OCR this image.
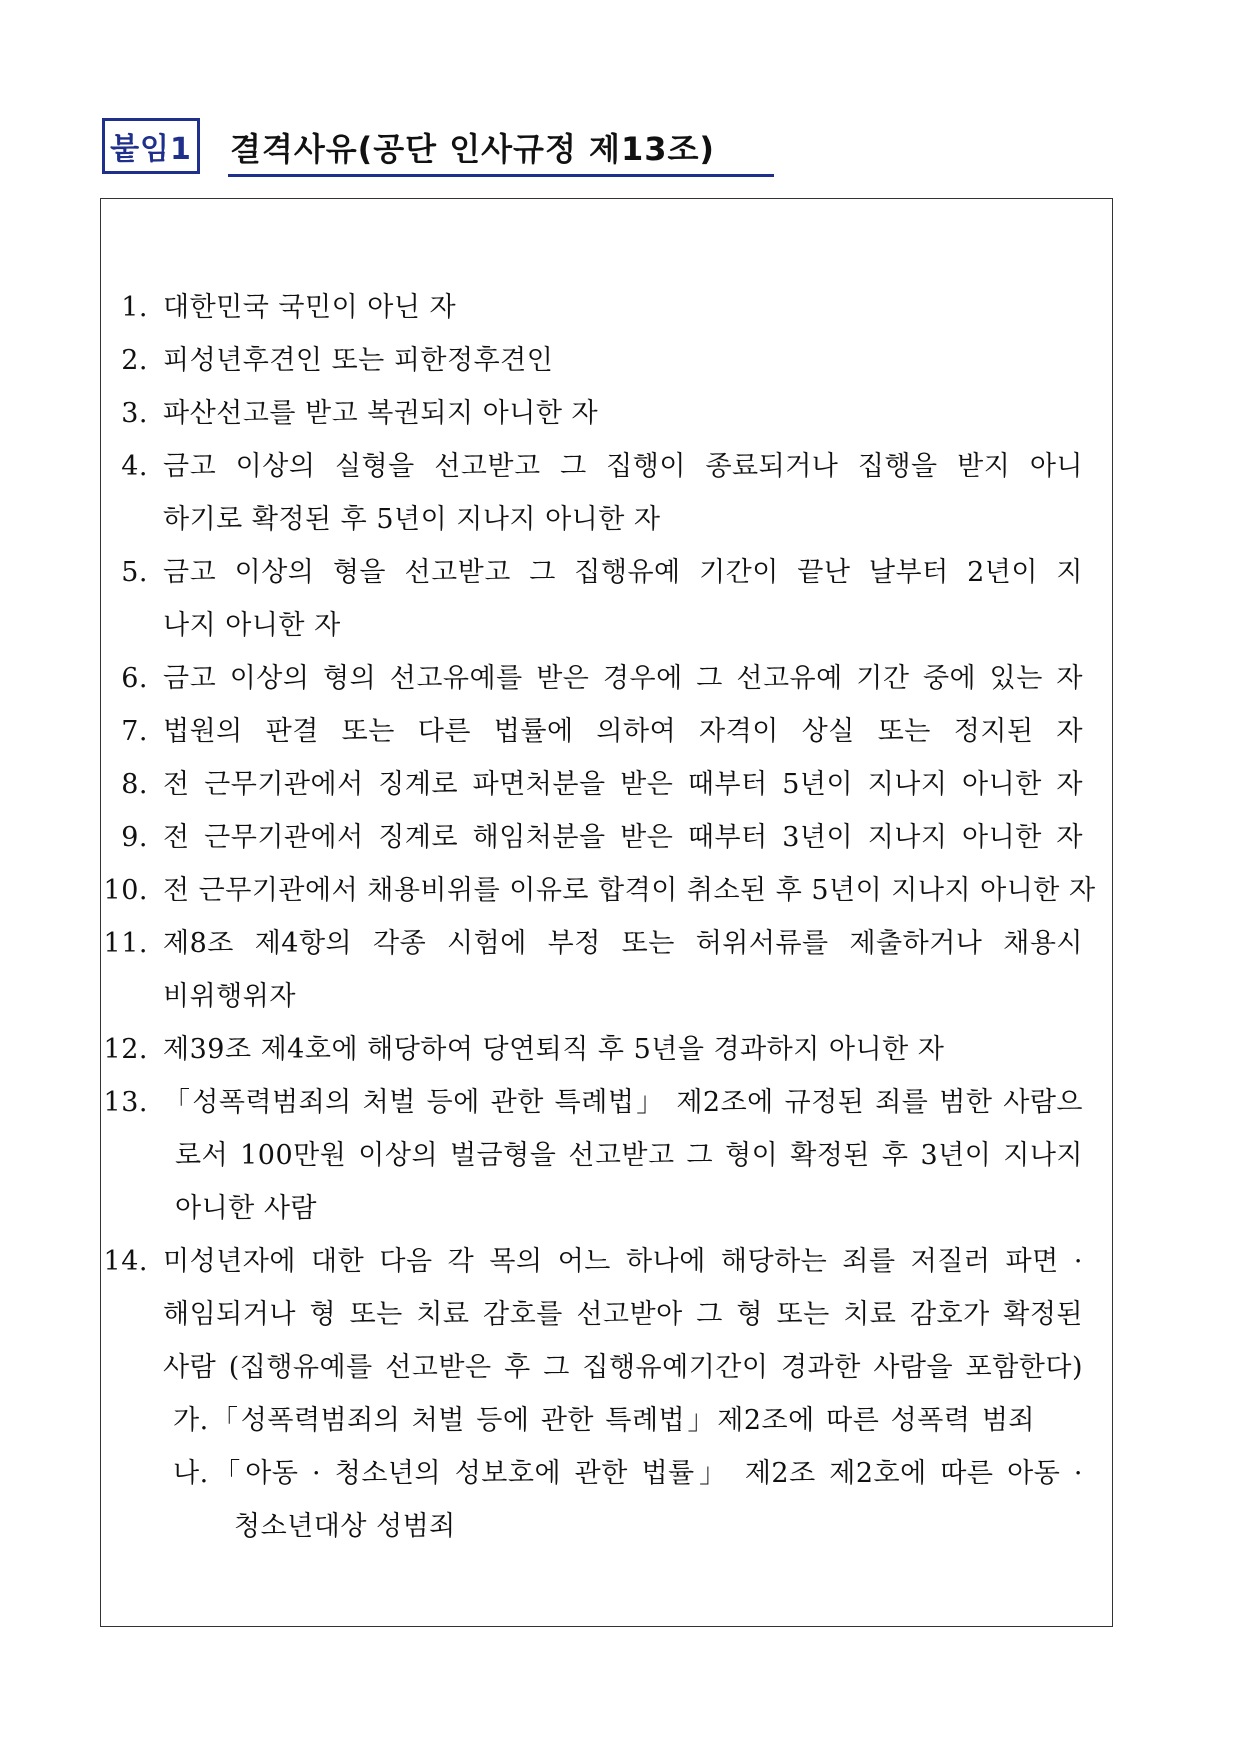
붙임1 결격사유(공단 인사규정 제13조)
1. 대한민국 국민이 아닌 자
2. 피성년후견인 또는 피한정후견인
3. 파산선고를 받고 복권되지 아니한 자
4. 금고 이상의 실형을 선고받고 그 집행이 종료되거나 집행을 받지 아니
하기로 확정된 후 5년이 지나지 아니한 자
5. 금고 이상의 형을 선고받고 그 집행유예 기간이 끝난 날부터 2년이 지
나지 아니한 자
6. 금고 이상의 형의 선고유예를 받은 경우에 그 선고유예 기간 중에 있는 자
7. 법원의 판결 또는 다른 법률에 의하여 자격이 상실 또는 정지된 자
8. 전 근무기관에서 징계로 파면처분을 받은 때부터 5년이 지나지 아니한 자
9. 전 근무기관에서 징계로 해임처분을 받은 때부터 3년이 지나지 아니한 자
10. 전 근무기관에서 채용비위를 이유로 합격이 취소된 후 5년이 지나지 아니한 자
11. 제8조 제4항의 각종 시험에 부정 또는 허위서류를 제출하거나 채용시
비위행위자
12. 제39조 제4호에 해당하여 당연퇴직 후 5년을 경과하지 아니한 자
13. 「성폭력범죄의 처벌 등에 관한 특례법」 제2조에 규정된 죄를 범한 사람으
로서 100만원 이상의 벌금형을 선고받고 그 형이 확정된 후 3년이 지나지
아니한 사람
14. 미성년자에 대한 다음 각 목의 어느 하나에 해당하는 죄를 저질러 파면 ·
해임되거나 형 또는 치료 감호를 선고받아 그 형 또는 치료 감호가 확정된
사람 (집행유예를 선고받은 후 그 집행유예기간이 경과한 사람을 포함한다)
가.「성폭력범죄의 처벌 등에 관한 특례법」제2조에 따른 성폭력 범죄
나.「아동 · 청소년의 성보호에 관한 법률」 제2조 제2호에 따른 아동 ·
청소년대상 성범죄
